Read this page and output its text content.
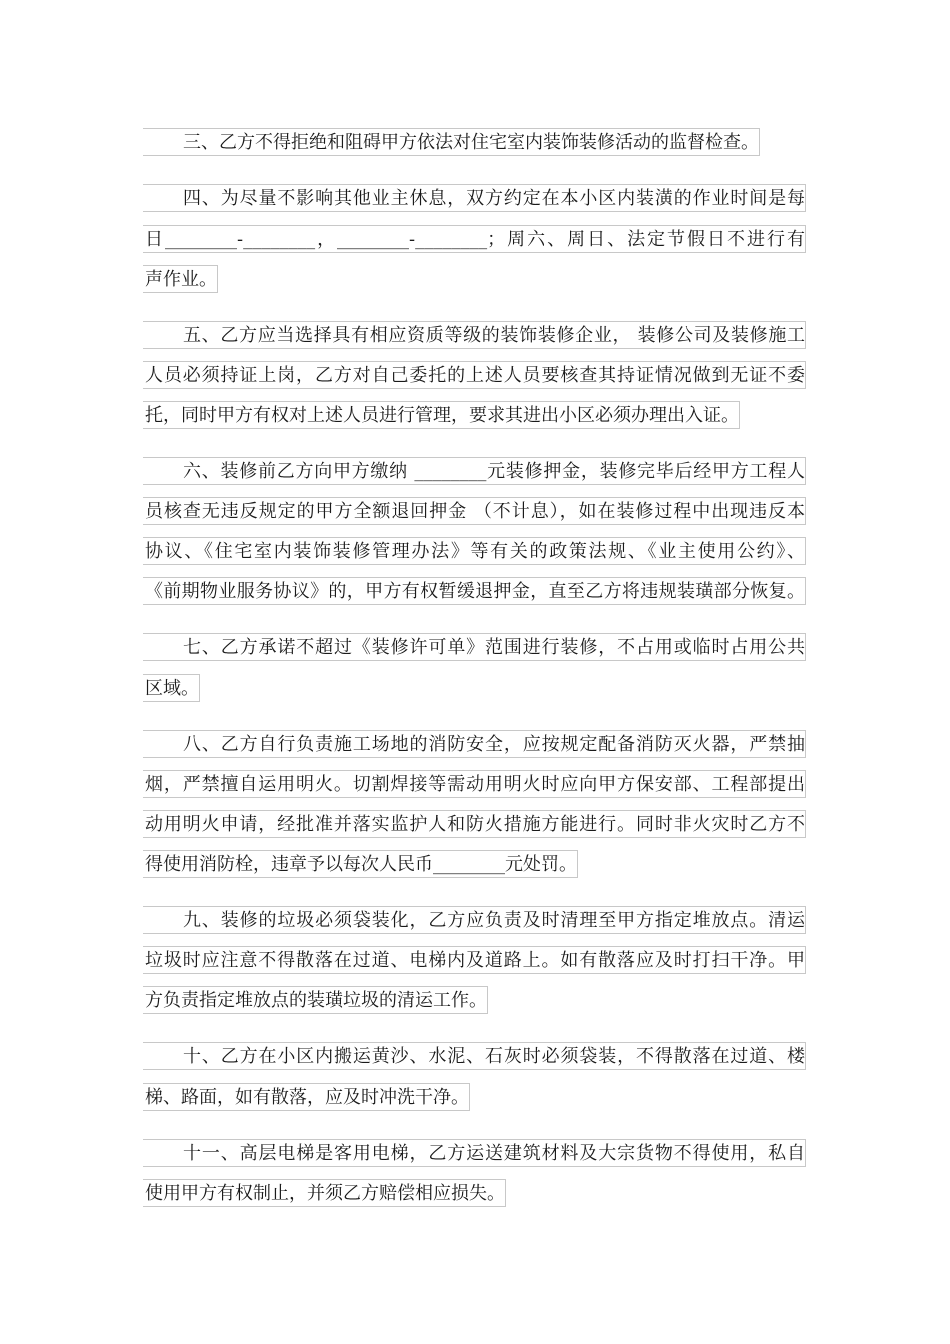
三、乙方不得拒绝和阻碍甲方依法对住宅室内装饰装修活动的监督检查。
四、为尽量不影响其他业主休息，双方约定在本小区内装潢的作业时间是每
日________-________，________-________；周六、周日、法定节假日不进行有
声作业。
五、乙方应当选择具有相应资质等级的装饰装修企业， 装修公司及装修施工
人员必须持证上岗，乙方对自己委托的上述人员要核查其持证情况做到无证不委
托，同时甲方有权对上述人员进行管理，要求其进出小区必须办理出入证。
六、装修前乙方向甲方缴纳 ________元装修押金，装修完毕后经甲方工程人
员核查无违反规定的甲方全额退回押金 （不计息），如在装修过程中出现违反本
协议、《住宅室内装饰装修管理办法》等有关的政策法规、《业主使用公约》、
《前期物业服务协议》的，甲方有权暂缓退押金，直至乙方将违规装璜部分恢复。
七、乙方承诺不超过《装修许可单》范围进行装修，不占用或临时占用公共
区域。
八、乙方自行负责施工场地的消防安全，应按规定配备消防灭火器，严禁抽
烟，严禁擅自运用明火。切割焊接等需动用明火时应向甲方保安部、工程部提出
动用明火申请，经批准并落实监护人和防火措施方能进行。同时非火灾时乙方不
得使用消防栓，违章予以每次人民币________元处罚。
九、装修的垃圾必须袋装化，乙方应负责及时清理至甲方指定堆放点。清运
垃圾时应注意不得散落在过道、电梯内及道路上。如有散落应及时打扫干净。甲
方负责指定堆放点的装璜垃圾的清运工作。
十、乙方在小区内搬运黄沙、水泥、石灰时必须袋装，不得散落在过道、楼
梯、路面，如有散落，应及时冲洗干净。
十一、高层电梯是客用电梯，乙方运送建筑材料及大宗货物不得使用，私自
使用甲方有权制止，并须乙方赔偿相应损失。
